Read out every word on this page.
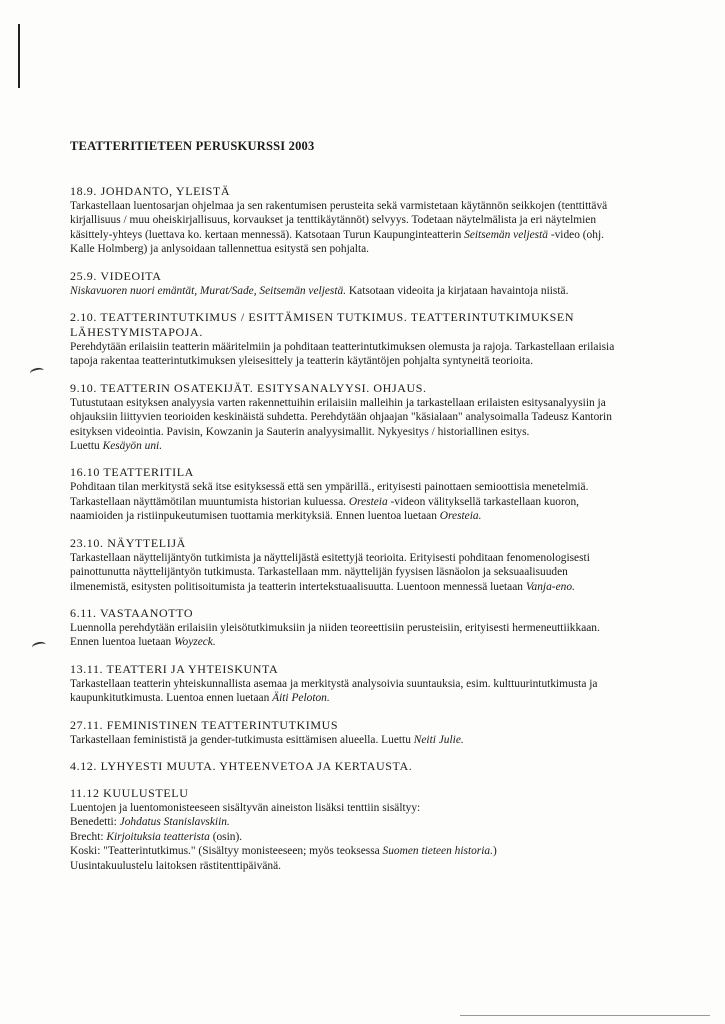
TEATTERITIETEEN PERUSKURSSI 2003

18.9. JOHDANTO, YLEISTÄ

Tarkastellaan luentosarjan ohjelmaa ja sen rakentumisen perusteita sekä varmistetaan käytännön seikkojen (tenttittävä
kirjallisuus / muu oheiskirjallisuus, korvaukset ja tenttikäytännöt) selvyys. Todetaan näytelmälista ja eri näytelmien
käsittely-yhteys (luettava ko. kertaan mennessä). Katsotaan Turun Kaupunginteatterin Seitsemän veljestä -video (ohj.
Kalle Holmberg) ja anlysoidaan tallennettua esitystä sen pohjalta.

25.9. VIDEOITA

Niskavuoren nuori emäntät, Murat/Sade, Seitsemän veljestä. Katsotaan videoita ja kirjataan havaintoja niistä.

2.10. TEATTERINTUTKIMUS / ESITTÄMISEN TUTKIMUS. TEATTERINTUTKIMUKSEN

LÄHESTYMISTAPOJA.

Perehdytään erilaisiin teatterin määritelmiin ja pohditaan teatterintutkimuksen olemusta ja rajoja. Tarkastellaan erilaisia
tapoja rakentaa teatterintutkimuksen yleisesittely ja teatterin käytäntöjen pohjalta syntyneitä teorioita.

9.10. TEATTERIN OSATEKIJÄT. ESITYSANALYYSI. OHJAUS.

Tutustutaan esityksen analyysia varten rakennettuihin erilaisiin malleihin ja tarkastellaan erilaisten esitysanalyysiin ja
ohjauksiin liittyvien teorioiden keskinäistä suhdetta. Perehdytään ohjaajan "käsialaan" analysoimalla Tadeusz Kantorin
esityksen videointia. Pavisin, Kowzanin ja Sauterin analyysimallit. Nykyesitys / historiallinen esitys.
Luettu Kesäyön uni.

16.10 TEATTERITILA

Pohditaan tilan merkitystä sekä itse esityksessä että sen ympärillä., erityisesti painottaen semioottisia menetelmiä.
Tarkastellaan näyttämötilan muuntumista historian kuluessa. Oresteia -videon välityksellä tarkastellaan kuoron,
naamioiden ja ristiinpukeutumisen tuottamia merkityksiä. Ennen luentoa luetaan Oresteia.

23.10. NÄYTTELIJÄ

Tarkastellaan näyttelijäntyön tutkimista ja näyttelijästä esitettyjä teorioita. Erityisesti pohditaan fenomenologisesti
painottunutta näyttelijäntyön tutkimusta. Tarkastellaan mm. näyttelijän fyysisen läsnäolon ja seksuaalisuuden
ilmenemistä, esitysten politisoitumista ja teatterin intertekstuaalisuutta. Luentoon mennessä luetaan Vanja-eno.

6.11. VASTAANOTTO

Luennolla perehdytään erilaisiin yleisötutkimuksiin ja niiden teoreettisiin perusteisiin, erityisesti hermeneuttiikkaan.
Ennen luentoa luetaan Woyzeck.

13.11. TEATTERI JA YHTEISKUNTA

Tarkastellaan teatterin yhteiskunnallista asemaa ja merkitystä analysoivia suuntauksia, esim. kulttuurintutkimusta ja
kaupunkitutkimusta. Luentoa ennen luetaan Äiti Peloton.

27.11. FEMINISTINEN TEATTERINTUTKIMUS

Tarkastellaan feminististä ja gender-tutkimusta esittämisen alueella. Luettu Neiti Julie.

4.12. LYHYESTI MUUTA. YHTEENVETOA JA KERTAUSTA.

11.12 KUULUSTELU

Luentojen ja luentomonisteeseen sisältyvän aineiston lisäksi tenttiin sisältyy:
Benedetti: Johdatus Stanislavskiin.
Brecht: Kirjoituksia teatterista (osin).
Koski: "Teatterintutkimus." (Sisältyy monisteeseen; myös teoksessa Suomen tieteen historia.)
Uusintakuulustelu laitoksen rästitenttipäivänä.
